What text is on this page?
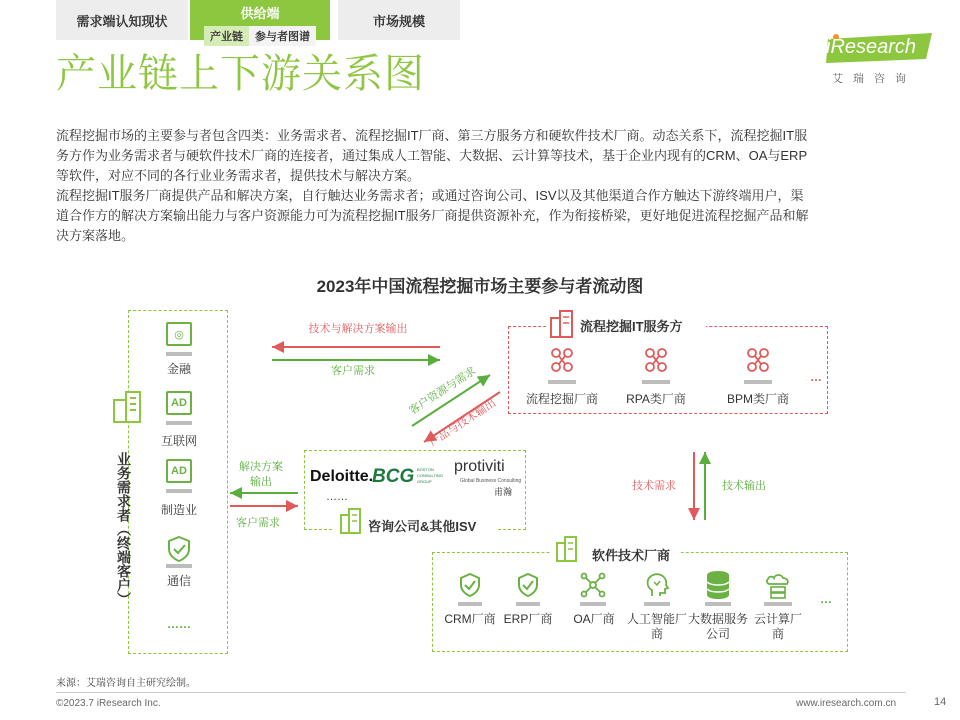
需求端认知现状	供给端
产业链	参与者图谱
市场规模
产业链上下游关系图
iResearch
艾瑞咨询
流程挖掘市场的主要参与者包含四类：业务需求者、流程挖掘IT厂商、第三方服务方和硬软件技术厂商。动态关系下，流程挖掘IT服
务方作为业务需求者与硬软件技术厂商的连接者，通过集成人工智能、大数据、云计算等技术，基于企业内现有的CRM、OA与ERP
等软件，对应不同的各行业业务需求者，提供技术与解决方案。
流程挖掘IT服务厂商提供产品和解决方案，自行触达业务需求者；或通过咨询公司、ISV以及其他渠道合作方触达下游终端用户，渠
道合作方的解决方案输出能力与客户资源能力可为流程挖掘IT服务厂商提供资源补充，作为衔接桥梁，更好地促进流程挖掘产品和解
决方案落地。
2023年中国流程挖掘市场主要参与者流动图
业务需求者（终端客户）
◎
金融
AD
互联网
AD
制造业
通信
……
技术与解决方案输出
客户需求	客户资源与需求
产品与技术输出
解决方案输出
客户需求
技术需求	技术输出
流程挖掘IT服务方
流程挖掘厂商	RPA类厂商	BPM类厂商
…
Deloitte.
BCG BOSTON CONSULTING GROUP
protiviti
Global Business Consulting
甫瀚
……
咨询公司&其他ISV
软件技术厂商
CRM厂商 ERP厂商	OA厂商	人工智能厂商
大数据服务公司
云计算厂商
…
来源：艾瑞咨询自主研究绘制。
©2023.7 iResearch Inc.	www.iresearch.com.cn	14
